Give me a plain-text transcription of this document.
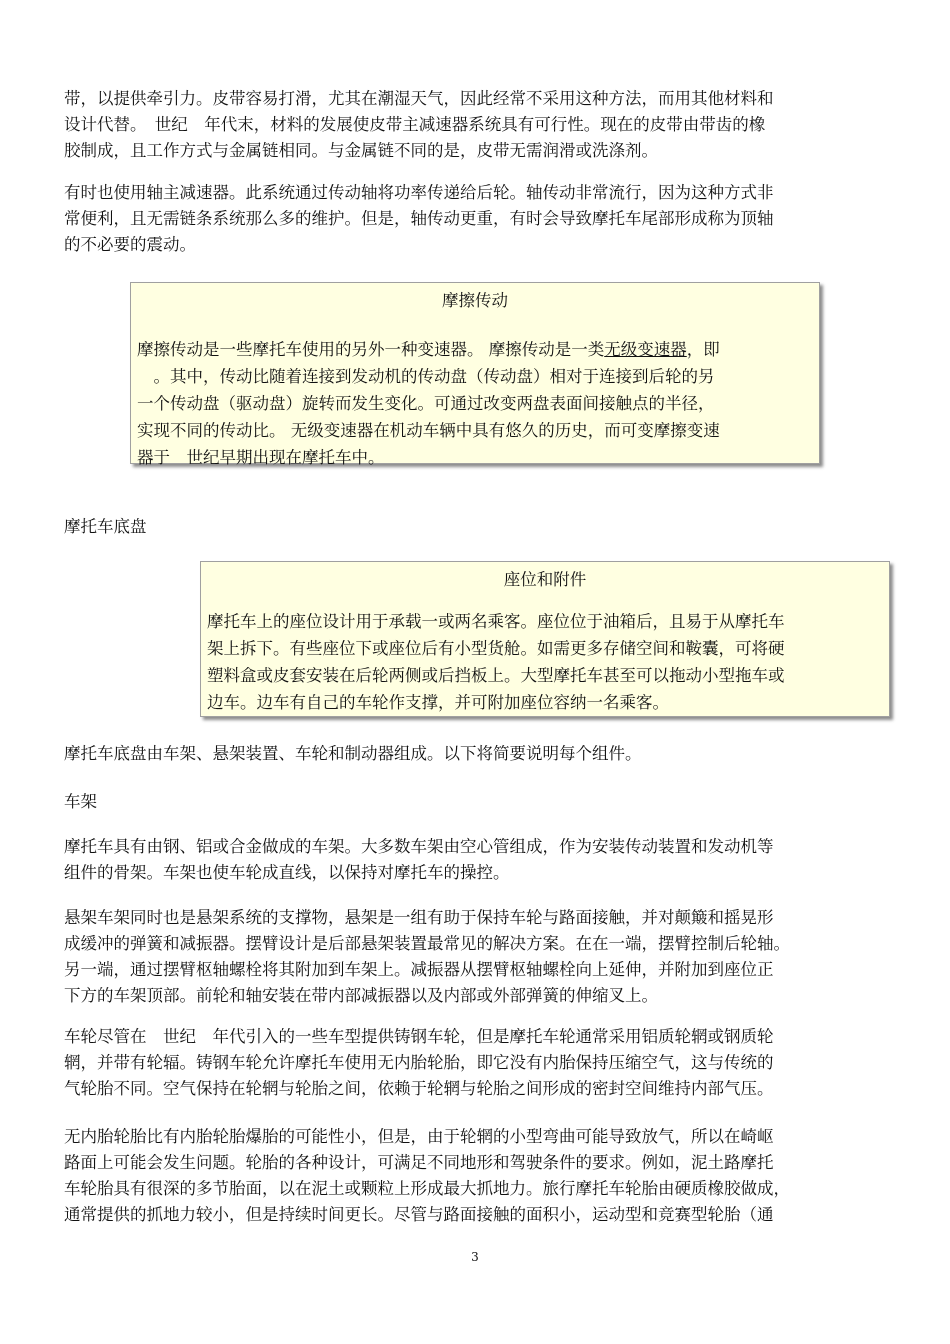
带，以提供牵引力。皮带容易打滑，尤其在潮湿天气，因此经常不采用这种方法，而用其他材料和
设计代替。　世纪　年代末，材料的发展使皮带主减速器系统具有可行性。现在的皮带由带齿的橡
胶制成，且工作方式与金属链相同。与金属链不同的是，皮带无需润滑或洗涤剂。
有时也使用轴主减速器。此系统通过传动轴将功率传递给后轮。轴传动非常流行，因为这种方式非
常便利，且无需链条系统那么多的维护。但是，轴传动更重，有时会导致摩托车尾部形成称为顶轴
的不必要的震动。
摩擦传动
摩擦传动是一些摩托车使用的另外一种变速器。 摩擦传动是一类无级变速器，即
　。其中，传动比随着连接到发动机的传动盘（传动盘）相对于连接到后轮的另
一个传动盘（驱动盘）旋转而发生变化。可通过改变两盘表面间接触点的半径，
实现不同的传动比。 无级变速器在机动车辆中具有悠久的历史，而可变摩擦变速
器于　世纪早期出现在摩托车中。
摩托车底盘
座位和附件
摩托车上的座位设计用于承载一或两名乘客。座位位于油箱后，且易于从摩托车
架上拆下。有些座位下或座位后有小型货舱。如需更多存储空间和鞍囊，可将硬
塑料盒或皮套安装在后轮两侧或后挡板上。大型摩托车甚至可以拖动小型拖车或
边车。边车有自己的车轮作支撑，并可附加座位容纳一名乘客。
摩托车底盘由车架、悬架装置、车轮和制动器组成。以下将简要说明每个组件。
车架
摩托车具有由钢、铝或合金做成的车架。大多数车架由空心管组成，作为安装传动装置和发动机等
组件的骨架。车架也使车轮成直线，以保持对摩托车的操控。
悬架车架同时也是悬架系统的支撑物，悬架是一组有助于保持车轮与路面接触，并对颠簸和摇晃形
成缓冲的弹簧和减振器。摆臂设计是后部悬架装置最常见的解决方案。在在一端，摆臂控制后轮轴。
另一端，通过摆臂枢轴螺栓将其附加到车架上。减振器从摆臂枢轴螺栓向上延伸，并附加到座位正
下方的车架顶部。前轮和轴安装在带内部减振器以及内部或外部弹簧的伸缩叉上。
车轮尽管在　世纪　年代引入的一些车型提供铸钢车轮，但是摩托车轮通常采用铝质轮辋或钢质轮
辋，并带有轮辐。铸钢车轮允许摩托车使用无内胎轮胎，即它没有内胎保持压缩空气，这与传统的
气轮胎不同。空气保持在轮辋与轮胎之间，依赖于轮辋与轮胎之间形成的密封空间维持内部气压。
无内胎轮胎比有内胎轮胎爆胎的可能性小，但是，由于轮辋的小型弯曲可能导致放气，所以在崎岖
路面上可能会发生问题。轮胎的各种设计，可满足不同地形和驾驶条件的要求。例如，泥土路摩托
车轮胎具有很深的多节胎面，以在泥土或颗粒上形成最大抓地力。旅行摩托车轮胎由硬质橡胶做成，
通常提供的抓地力较小，但是持续时间更长。尽管与路面接触的面积小，运动型和竞赛型轮胎（通
3
